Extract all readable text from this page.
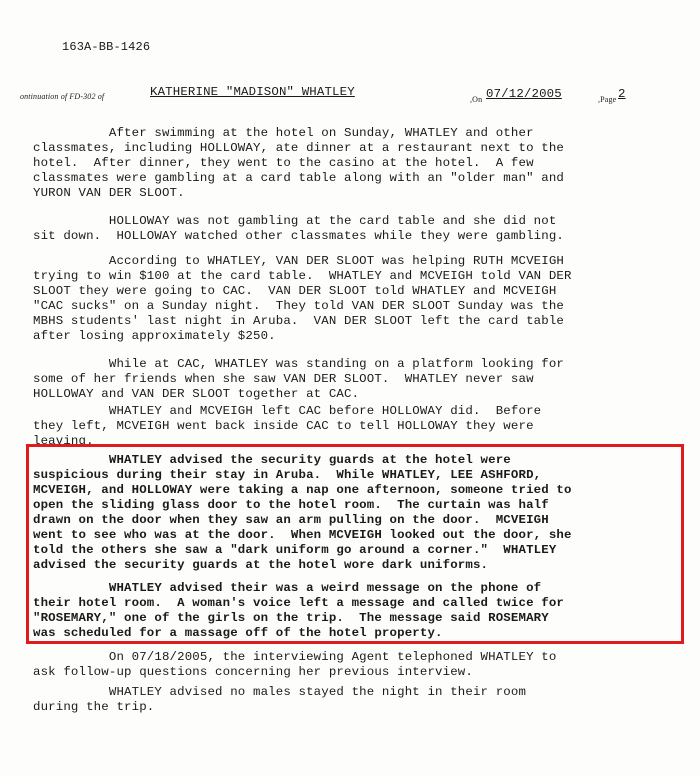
163A-BB-1426
ontinuation of FD-302 of	KATHERINE "MADISON" WHATLEY
,On 07/12/2005	,Page 2
After swimming at the hotel on Sunday, WHATLEY and other
classmates, including HOLLOWAY, ate dinner at a restaurant next to the
hotel.  After dinner, they went to the casino at the hotel.  A few
classmates were gambling at a card table along with an "older man" and
YURON VAN DER SLOOT.
HOLLOWAY was not gambling at the card table and she did not
sit down.  HOLLOWAY watched other classmates while they were gambling.
According to WHATLEY, VAN DER SLOOT was helping RUTH MCVEIGH
trying to win $100 at the card table.  WHATLEY and MCVEIGH told VAN DER
SLOOT they were going to CAC.  VAN DER SLOOT told WHATLEY and MCVEIGH
"CAC sucks" on a Sunday night.  They told VAN DER SLOOT Sunday was the
MBHS students' last night in Aruba.  VAN DER SLOOT left the card table
after losing approximately $250.
While at CAC, WHATLEY was standing on a platform looking for
some of her friends when she saw VAN DER SLOOT.  WHATLEY never saw
HOLLOWAY and VAN DER SLOOT together at CAC.
WHATLEY and MCVEIGH left CAC before HOLLOWAY did.  Before
they left, MCVEIGH went back inside CAC to tell HOLLOWAY they were
leaving.
WHATLEY advised the security guards at the hotel were
suspicious during their stay in Aruba.  While WHATLEY, LEE ASHFORD,
MCVEIGH, and HOLLOWAY were taking a nap one afternoon, someone tried to
open the sliding glass door to the hotel room.  The curtain was half
drawn on the door when they saw an arm pulling on the door.  MCVEIGH
went to see who was at the door.  When MCVEIGH looked out the door, she
told the others she saw a "dark uniform go around a corner."  WHATLEY
advised the security guards at the hotel wore dark uniforms.
WHATLEY advised their was a weird message on the phone of
their hotel room.  A woman's voice left a message and called twice for
"ROSEMARY," one of the girls on the trip.  The message said ROSEMARY
was scheduled for a massage off of the hotel property.
On 07/18/2005, the interviewing Agent telephoned WHATLEY to
ask follow-up questions concerning her previous interview.
WHATLEY advised no males stayed the night in their room
during the trip.
